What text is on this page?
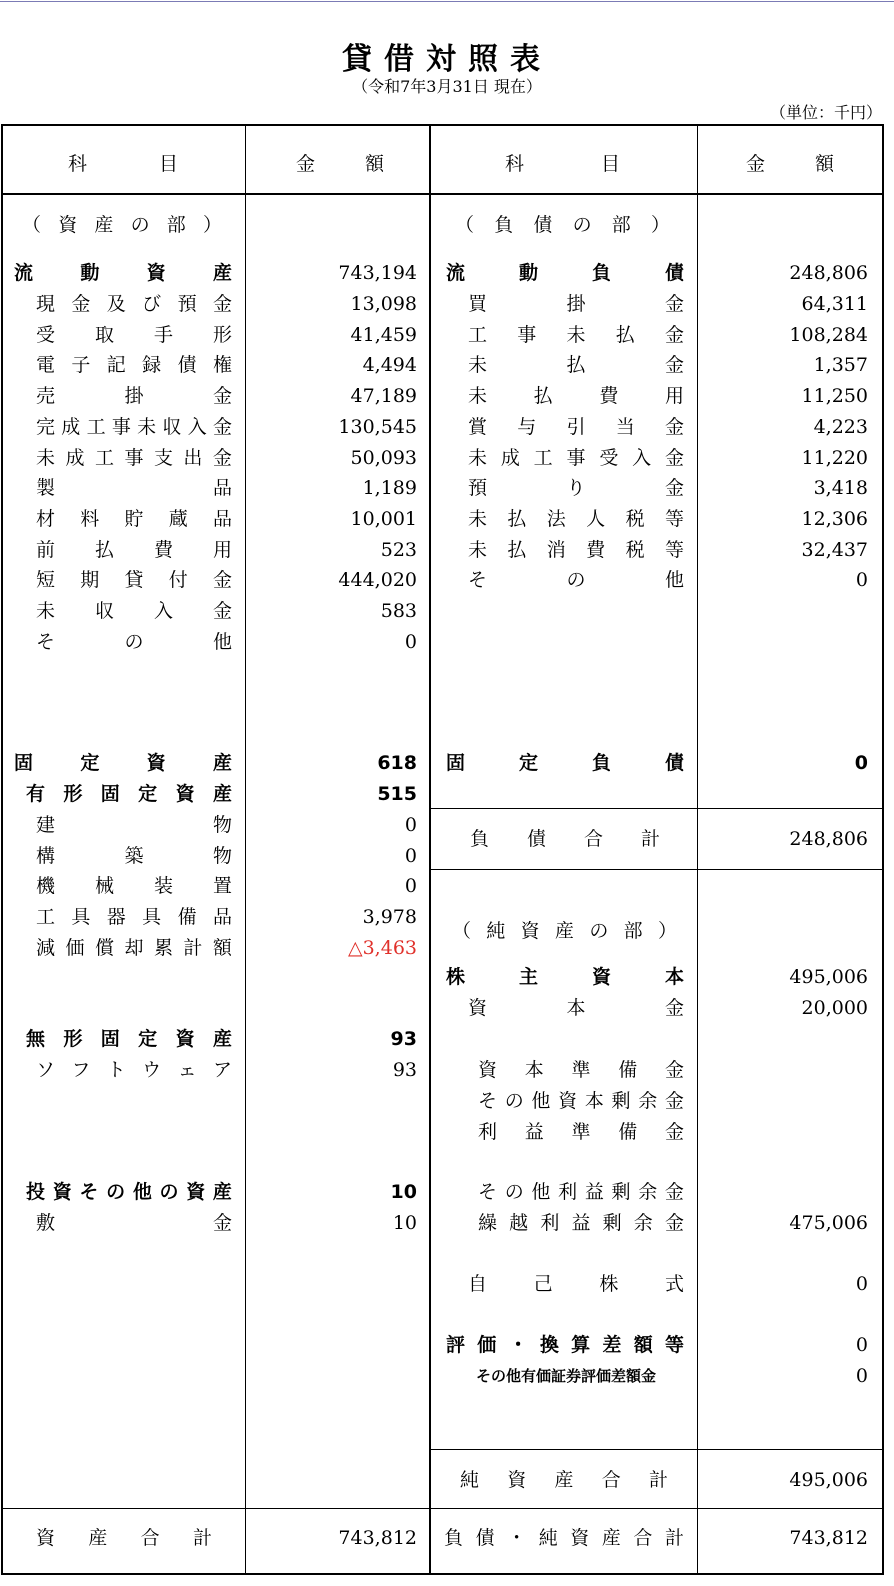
貸借対照表
（令和7年3月31日 現在）
（単位：千円）
科	目	金	額	科	目	金	額
（ 資 産 の 部 ）
流 動 資 産	743,194
現 金 及 び 預 金	13,098
受 取 手 形	41,459
電 子 記 録 債 権	4,494
売	掛	金	47,189
完 成 工 事 未 収 入 金	130,545
未 成 工 事 支 出 金	50,093
製	品	1,189
材 料 貯 蔵 品	10,001
前 払 費 用	523
短 期 貸 付 金	444,020
未 収 入 金	583
そ	の	他	0
固 定 資 産	618
有 形 固 定 資 産	515
建	物	0
構	築	物	0
機 械 装 置	0
工 具 器 具 備 品	3,978
減 価 償 却 累 計 額	△3,463
無 形 固 定 資 産	93
ソ フ ト ウ ェ ア	93
投 資 そ の 他 の 資 産	10
敷	金	10
資 産 合 計	743,812
（ 負 債 の 部 ）
流	動	負	債	248,806
買	掛	金	64,311
工 事 未 払 金	108,284
未	払	金	1,357
未 払 費 用	11,250
賞 与 引 当 金	4,223
未 成 工 事 受 入 金	11,220
預	り	金	3,418
未 払 法 人 税 等	12,306
未 払 消 費 税 等	32,437
そ	の	他	0
固	定	負	債	0
負 債 合 計	248,806
（ 純 資 産 の 部 ）
株	主	資	本	495,006
資	本	金	20,000
資 本 準 備 金
そ の 他 資 本 剰 余 金
利 益 準 備 金
そ の 他 利 益 剰 余 金
繰 越 利 益 剰 余 金	475,006
自 己 株 式	0
評 価 ・ 換 算 差 額 等	0
その他有価証券評価差額金	0
純 資 産 合 計	495,006
負 債 ・ 純 資 産 合 計	743,812
